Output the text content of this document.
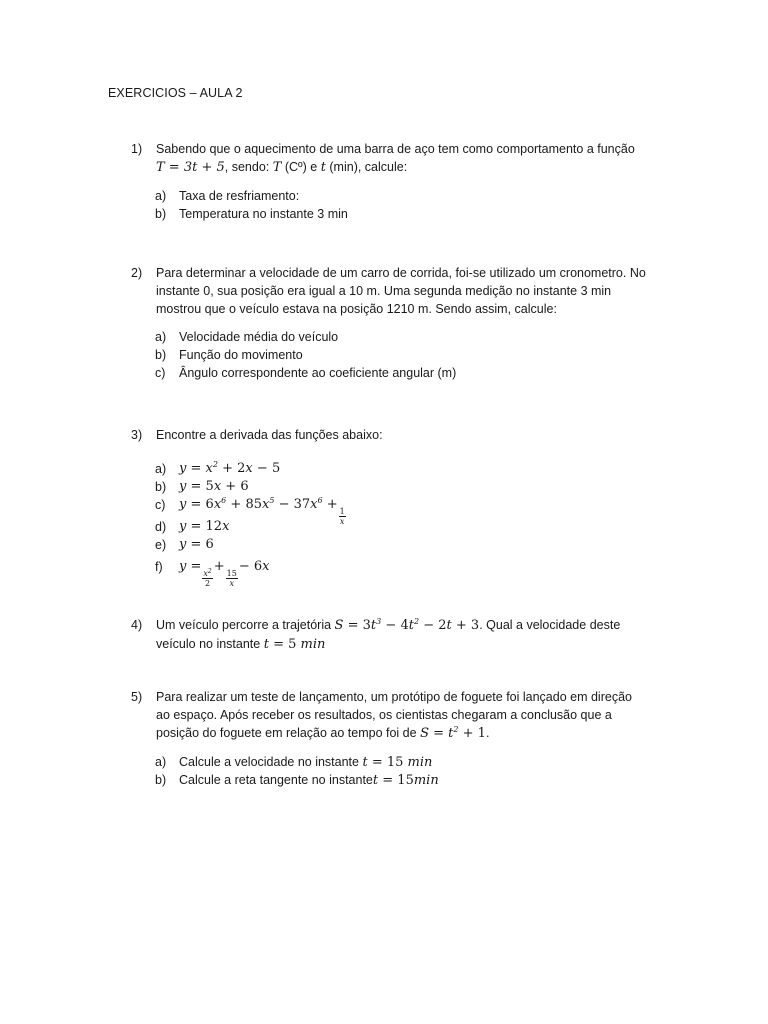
EXERCICIOS – AULA 2
1) Sabendo que o aquecimento de uma barra de aço tem como comportamento a função
T = 3t + 5, sendo: T (Cº) e t (min), calcule:
a) Taxa de resfriamento:
b) Temperatura no instante 3 min
2) Para determinar a velocidade de um carro de corrida, foi-se utilizado um cronometro. No instante 0, sua posição era igual a 10 m. Uma segunda medição no instante 3 min mostrou que o veículo estava na posição 1210 m. Sendo assim, calcule:
a) Velocidade média do veículo
b) Função do movimento
c) Ângulo correspondente ao coeficiente angular (m)
3) Encontre a derivada das funções abaixo:
a) $y = x^2 + 2x - 5$
b) y = 5x + 6
c) $y = 6x^6 + 85x^5 - 37x^6$ +
$\frac{1}{x}$
d) y = 12x
e) y = 6
f) y =
$\frac{x^2}{2}$
+
$\frac{15}{x}$
− 6x
4) Um veículo percorre a trajetória $S = 3t^3 - 4t^2 - 2t + 3$. Qual a velocidade deste
veículo no instante t = 5 min
5) Para realizar um teste de lançamento, um protótipo de foguete foi lançado em direção ao espaço. Após receber os resultados, os cientistas chegaram a conclusão que a posição do foguete em relação ao tempo foi de $S = t^2 + 1$.
a) Calcule a velocidade no instante t = 15 min
b) Calcule a reta tangente no instantet = 15min
